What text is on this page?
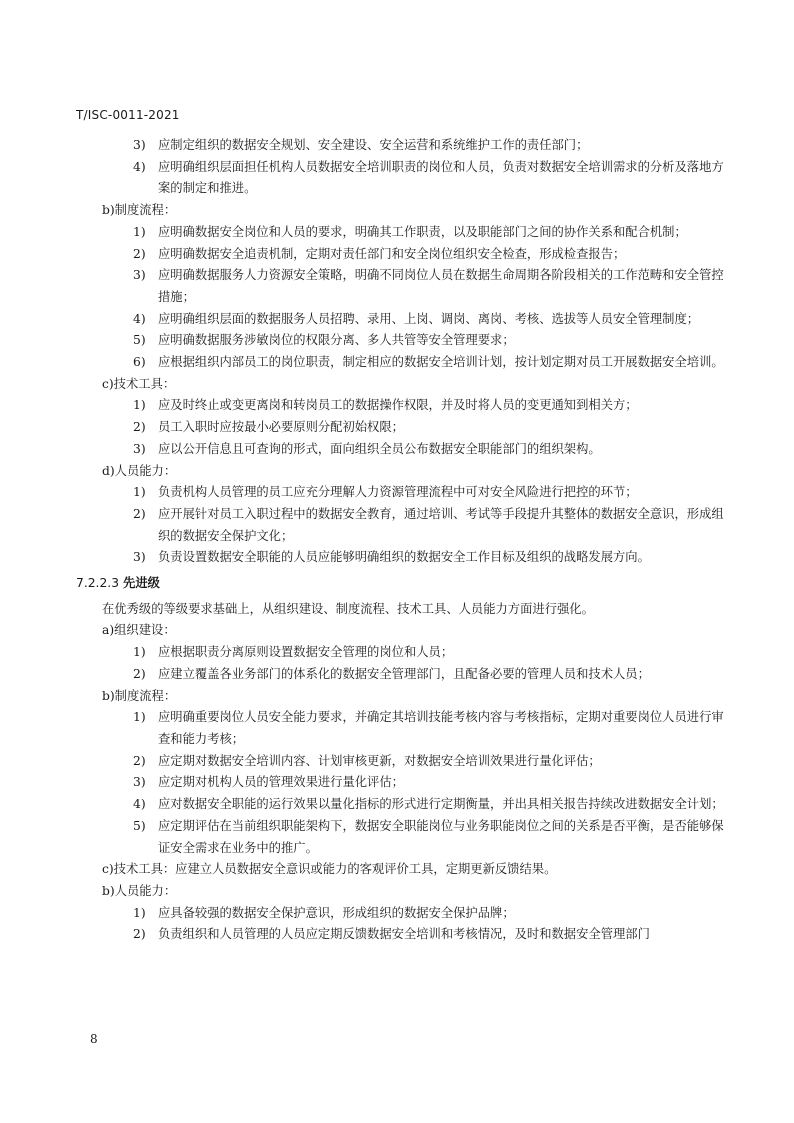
T/ISC-0011-2021
3) 应制定组织的数据安全规划、安全建设、安全运营和系统维护工作的责任部门；
4) 应明确组织层面担任机构人员数据安全培训职责的岗位和人员，负责对数据安全培训需求的分析及落地方案的制定和推进。
b)制度流程：
1) 应明确数据安全岗位和人员的要求，明确其工作职责，以及职能部门之间的协作关系和配合机制；
2) 应明确数据安全追责机制，定期对责任部门和安全岗位组织安全检查，形成检查报告；
3) 应明确数据服务人力资源安全策略，明确不同岗位人员在数据生命周期各阶段相关的工作范畴和安全管控措施；
4) 应明确组织层面的数据服务人员招聘、录用、上岗、调岗、离岗、考核、选拔等人员安全管理制度；
5) 应明确数据服务涉敏岗位的权限分离、多人共管等安全管理要求；
6) 应根据组织内部员工的岗位职责，制定相应的数据安全培训计划，按计划定期对员工开展数据安全培训。
c)技术工具：
1) 应及时终止或变更离岗和转岗员工的数据操作权限，并及时将人员的变更通知到相关方；
2) 员工入职时应按最小必要原则分配初始权限；
3) 应以公开信息且可查询的形式，面向组织全员公布数据安全职能部门的组织架构。
d)人员能力：
1) 负责机构人员管理的员工应充分理解人力资源管理流程中可对安全风险进行把控的环节；
2) 应开展针对员工入职过程中的数据安全教育，通过培训、考试等手段提升其整体的数据安全意识，形成组织的数据安全保护文化；
3) 负责设置数据安全职能的人员应能够明确组织的数据安全工作目标及组织的战略发展方向。
7.2.2.3 先进级
在优秀级的等级要求基础上，从组织建设、制度流程、技术工具、人员能力方面进行强化。
a)组织建设：
1) 应根据职责分离原则设置数据安全管理的岗位和人员；
2) 应建立覆盖各业务部门的体系化的数据安全管理部门，且配备必要的管理人员和技术人员；
b)制度流程：
1) 应明确重要岗位人员安全能力要求，并确定其培训技能考核内容与考核指标，定期对重要岗位人员进行审查和能力考核；
2) 应定期对数据安全培训内容、计划审核更新，对数据安全培训效果进行量化评估；
3) 应定期对机构人员的管理效果进行量化评估；
4) 应对数据安全职能的运行效果以量化指标的形式进行定期衡量，并出具相关报告持续改进数据安全计划；
5) 应定期评估在当前组织职能架构下，数据安全职能岗位与业务职能岗位之间的关系是否平衡，是否能够保证安全需求在业务中的推广。
c)技术工具：应建立人员数据安全意识或能力的客观评价工具，定期更新反馈结果。
b)人员能力：
1) 应具备较强的数据安全保护意识，形成组织的数据安全保护品牌；
2) 负责组织和人员管理的人员应定期反馈数据安全培训和考核情况，及时和数据安全管理部门
8
